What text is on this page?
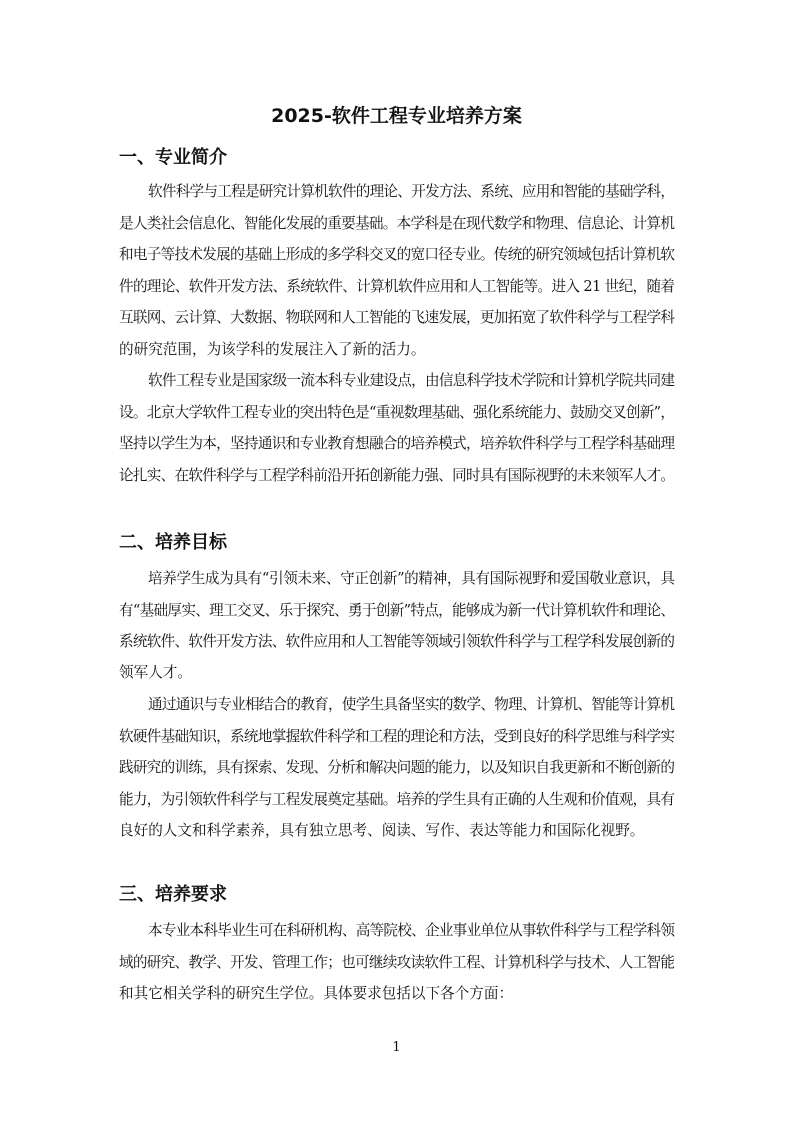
2025-软件工程专业培养方案
一、专业简介
软件科学与工程是研究计算机软件的理论、开发方法、系统、应用和智能的基础学科，
是人类社会信息化、智能化发展的重要基础。本学科是在现代数学和物理、信息论、计算机
和电子等技术发展的基础上形成的多学科交叉的宽口径专业。传统的研究领域包括计算机软
件的理论、软件开发方法、系统软件、计算机软件应用和人工智能等。进入 21 世纪，随着
互联网、云计算、大数据、物联网和人工智能的飞速发展，更加拓宽了软件科学与工程学科
的研究范围，为该学科的发展注入了新的活力。
软件工程专业是国家级一流本科专业建设点，由信息科学技术学院和计算机学院共同建
设。北京大学软件工程专业的突出特色是“重视数理基础、强化系统能力、鼓励交叉创新”，
坚持以学生为本，坚持通识和专业教育想融合的培养模式，培养软件科学与工程学科基础理
论扎实、在软件科学与工程学科前沿开拓创新能力强、同时具有国际视野的未来领军人才。
二、培养目标
培养学生成为具有“引领未来、守正创新”的精神，具有国际视野和爱国敬业意识，具
有“基础厚实、理工交叉、乐于探究、勇于创新”特点，能够成为新一代计算机软件和理论、
系统软件、软件开发方法、软件应用和人工智能等领域引领软件科学与工程学科发展创新的
领军人才。
通过通识与专业相结合的教育，使学生具备坚实的数学、物理、计算机、智能等计算机
软硬件基础知识，系统地掌握软件科学和工程的理论和方法，受到良好的科学思维与科学实
践研究的训练，具有探索、发现、分析和解决问题的能力，以及知识自我更新和不断创新的
能力，为引领软件科学与工程发展奠定基础。培养的学生具有正确的人生观和价值观，具有
良好的人文和科学素养，具有独立思考、阅读、写作、表达等能力和国际化视野。
三、培养要求
本专业本科毕业生可在科研机构、高等院校、企业事业单位从事软件科学与工程学科领
域的研究、教学、开发、管理工作；也可继续攻读软件工程、计算机科学与技术、人工智能
和其它相关学科的研究生学位。具体要求包括以下各个方面：
1
